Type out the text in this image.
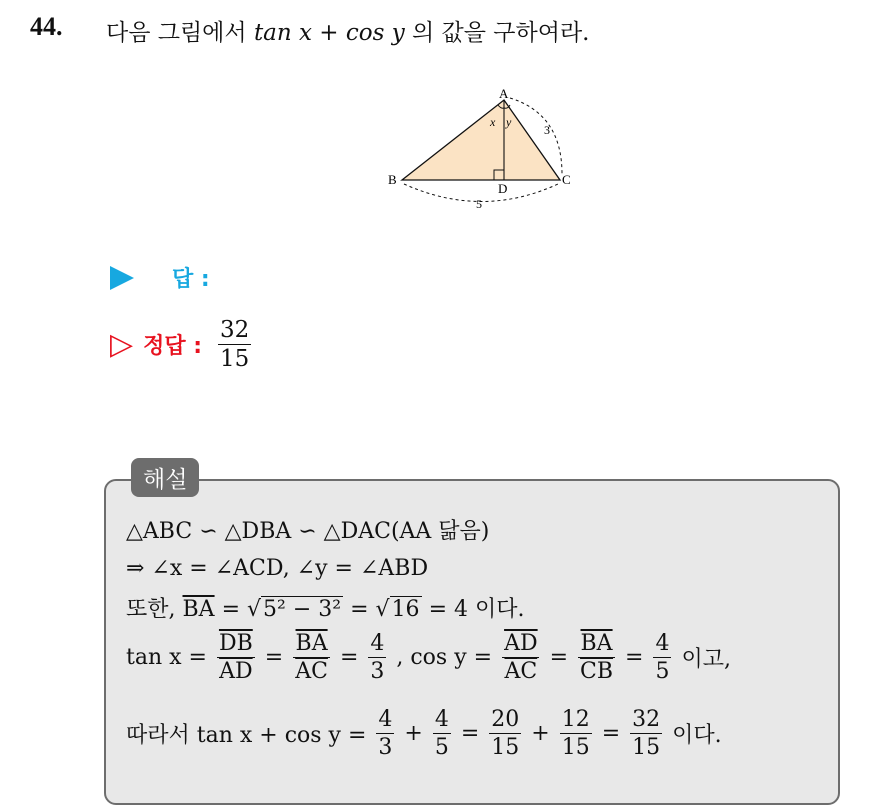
44. 다음 그림에서 tan x + cos y 의 값을 구하여라.
A
B	C
D
x y
3
5
답 :
▷ 정답 : $\frac{32}{15}$
해설
△ABC ∽ △DBA ∽ △DAC(AA 닮음)
⇒ ∠x = ∠ACD, ∠y = ∠ABD
또한, $\overline{BA} = √5^2 - 3^2 = √16 = 4$ 이다.
$\tan x = \frac{\overline{DB}}{AD} = \frac{\overline{BA}}{AC} = \frac{4}{3}$ , $\cos y = \frac{\overline{AD}}{AC} = \frac{\overline{BA}}{CB} = \frac{4}{5}$ 이고,
따라서 $\tan x + \cos y = \frac{4}{3} + \frac{4}{5} = \frac{20}{15} + \frac{12}{15} = \frac{32}{15}$ 이다.
